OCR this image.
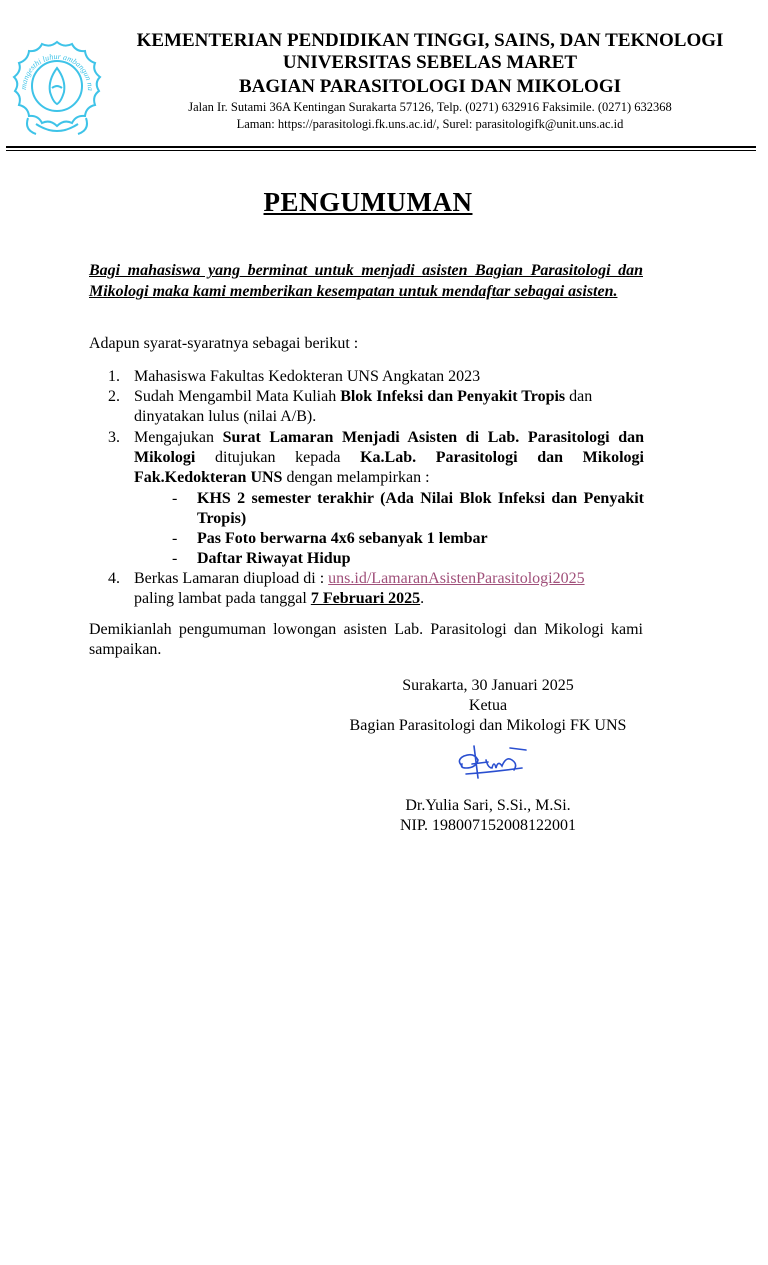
mangesthi luhur ambangun na
KEMENTERIAN PENDIDIKAN TINGGI, SAINS, DAN TEKNOLOGI
UNIVERSITAS SEBELAS MARET
BAGIAN PARASITOLOGI DAN MIKOLOGI
Jalan Ir. Sutami 36A Kentingan Surakarta 57126, Telp. (0271) 632916 Faksimile. (0271) 632368
Laman: https://parasitologi.fk.uns.ac.id/, Surel: parasitologifk@unit.uns.ac.id
PENGUMUMAN
Bagi mahasiswa yang berminat untuk menjadi asisten Bagian Parasitologi dan Mikologi maka kami memberikan kesempatan untuk mendaftar sebagai asisten.
Adapun syarat-syaratnya sebagai berikut :
1. Mahasiswa Fakultas Kedokteran UNS Angkatan 2023
2. Sudah Mengambil Mata Kuliah Blok Infeksi dan Penyakit Tropis dan
dinyatakan lulus (nilai A/B).
3. Mengajukan Surat Lamaran Menjadi Asisten di Lab. Parasitologi dan Mikologi ditujukan kepada Ka.Lab. Parasitologi dan Mikologi Fak.Kedokteran UNS dengan melampirkan :
- KHS 2 semester terakhir (Ada Nilai Blok Infeksi dan Penyakit Tropis)
- Pas Foto berwarna 4x6 sebanyak 1 lembar
- Daftar Riwayat Hidup
4. Berkas Lamaran diupload di : uns.id/LamaranAsistenParasitologi2025
paling lambat pada tanggal 7 Februari 2025.
Demikianlah pengumuman lowongan asisten Lab. Parasitologi dan Mikologi kami sampaikan.
Surakarta, 30 Januari 2025
Ketua
Bagian Parasitologi dan Mikologi FK UNS
Dr.Yulia Sari, S.Si., M.Si.
NIP. 198007152008122001
